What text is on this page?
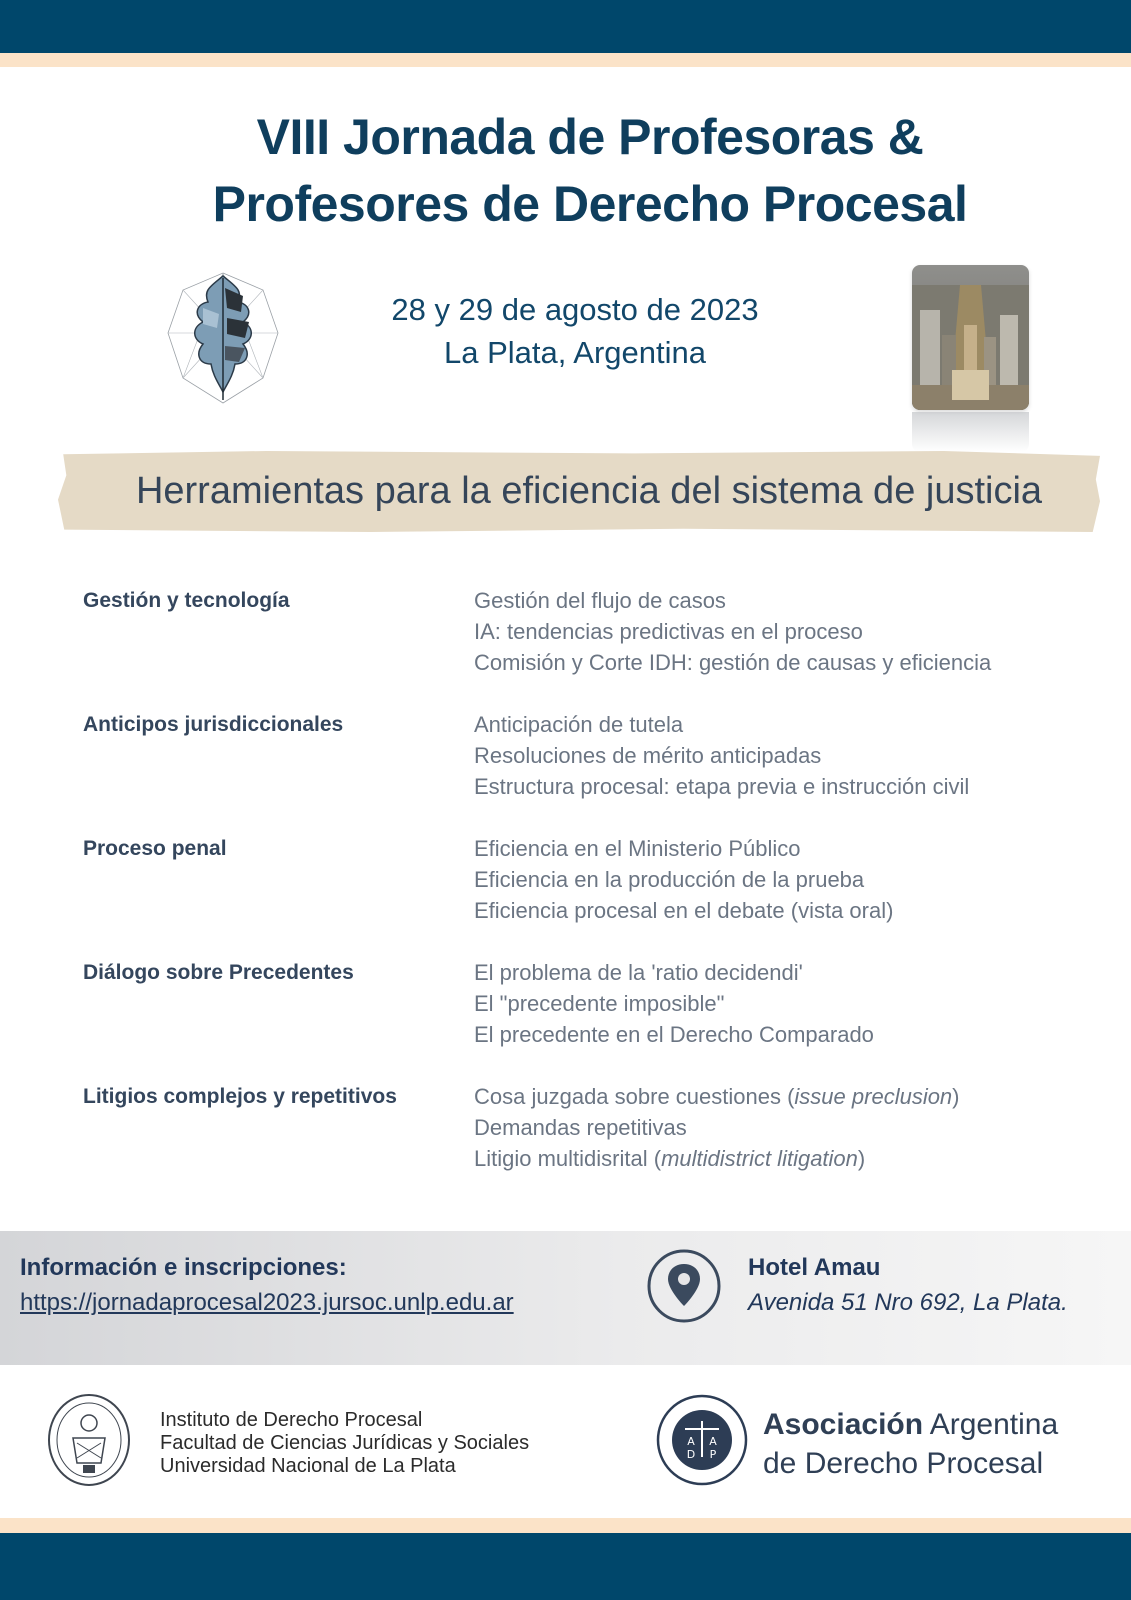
VIII Jornada de Profesoras &
Profesores de Derecho Procesal
28 y 29 de agosto de 2023
La Plata, Argentina
Herramientas para la eficiencia del sistema de justicia
Gestión y tecnología	Gestión del flujo de casos
IA: tendencias predictivas en el proceso
Comisión y Corte IDH: gestión de causas y eficiencia
Anticipos jurisdiccionales	Anticipación de tutela
Resoluciones de mérito anticipadas
Estructura procesal: etapa previa e instrucción civil
Proceso penal	Eficiencia en el Ministerio Público
Eficiencia en la producción de la prueba
Eficiencia procesal en el debate (vista oral)
Diálogo sobre Precedentes	El problema de la 'ratio decidendi'
El "precedente imposible"
El precedente en el Derecho Comparado
Litigios complejos y repetitivos	Cosa juzgada sobre cuestiones (issue preclusion)
Demandas repetitivas
Litigio multidisrital (multidistrict litigation)
Información e inscripciones:
https://jornadaprocesal2023.jursoc.unlp.edu.ar
Hotel Amau
Avenida 51 Nro 692, La Plata.
Instituto de Derecho Procesal
Facultad de Ciencias Jurídicas y Sociales
Universidad Nacional de La Plata
A A
D P
Asociación Argentina
de Derecho Procesal
